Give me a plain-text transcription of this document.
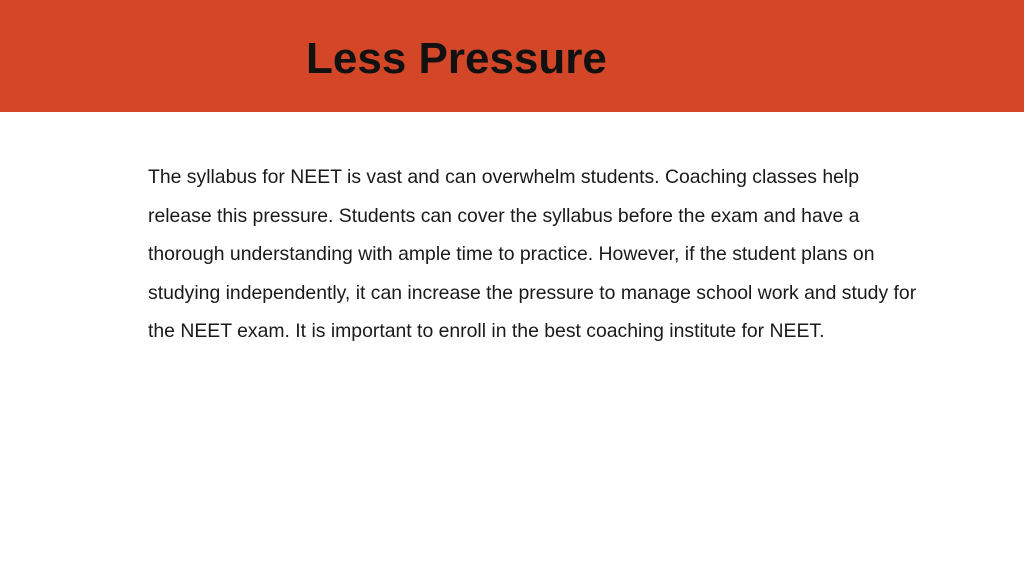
Less Pressure

The syllabus for NEET is vast and can overwhelm students. Coaching classes help release this pressure. Students can cover the syllabus before the exam and have a thorough understanding with ample time to practice. However, if the student plans on studying independently, it can increase the pressure to manage school work and study for the NEET exam. It is important to enroll in the best coaching institute for NEET.
